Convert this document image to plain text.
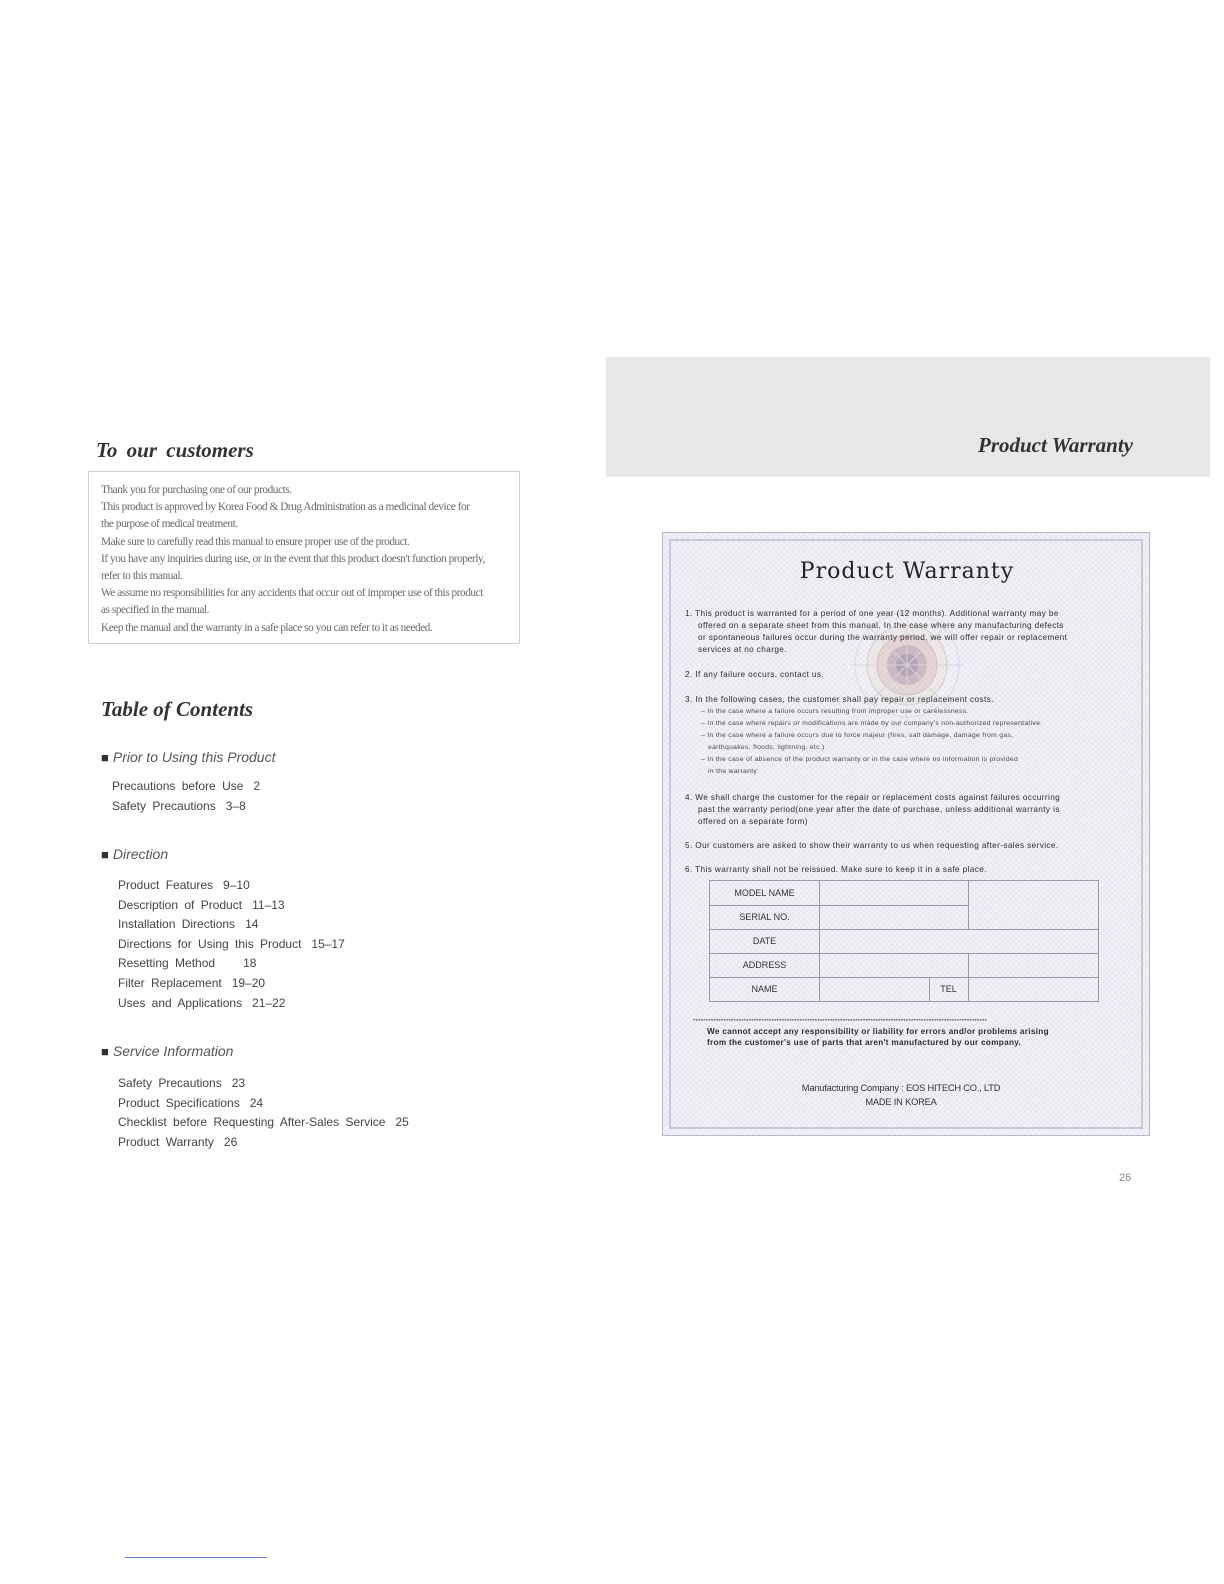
To our customers

Thank you for purchasing one of our products.

This product is approved by Korea Food & Drug Administration as a medicinal device for

the purpose of medical treatment.

Make sure to carefully read this manual to ensure proper use of the product.

If you have any inquiries during use, or in the event that this product doesn't function properly,

refer to this manual.

We assume no responsibilities for any accidents that occur out of improper use of this product

as specified in the manual.

Keep the manual and the warranty in a safe place so you can refer to it as needed.

Table of Contents
■ Prior to Using this Product
Precautions before Use 2
Safety Precautions 3–8
■ Direction
Product Features 9–10
Description of Product 11–13
Installation Directions 14
Directions for Using this Product 15–17
Resetting Method 18
Filter Replacement 19–20
Uses and Applications 21–22
■ Service Information
Safety Precautions 23
Product Specifications 24
Checklist before Requesting After-Sales Service 25
Product Warranty 26
Product Warranty
Product Warranty
1. This product is warranted for a period of one year (12 months). Additional warranty may be
offered on a separate sheet from this manual. In the case where any manufacturing defects
or spontaneous failures occur during the warranty period, we will offer repair or replacement
services at no charge.
2. If any failure occurs, contact us.
3. In the following cases, the customer shall pay repair or replacement costs.
– In the case where a failure occurs resulting from improper use or carelessness.
– In the case where repairs or modifications are made by our company's non-authorized representative.
– In the case where a failure occurs due to force majeur (fires, salt damage, damage from gas,
earthquakes, floods, lightning, etc.)
– In the case of absence of the product warranty or in the case where no information is provided
in the warranty
4. We shall charge the customer for the repair or replacement costs against failures occurring
past the warranty period(one year after the date of purchase, unless additional warranty is
offered on a separate form)
5. Our customers are asked to show their warranty to us when requesting after-sales service.
6. This warranty shall not be reissued. Make sure to keep it in a safe place.
MODEL NAME
SERIAL NO.
DATE
ADDRESS
NAME	TEL
********************************************************************************************************************
We cannot accept any responsibility or liability for errors and/or problems arising
from the customer's use of parts that aren't manufactured by our company.
Manufacturing Company : EOS HITECH CO., LTD
MADE IN KOREA
26
